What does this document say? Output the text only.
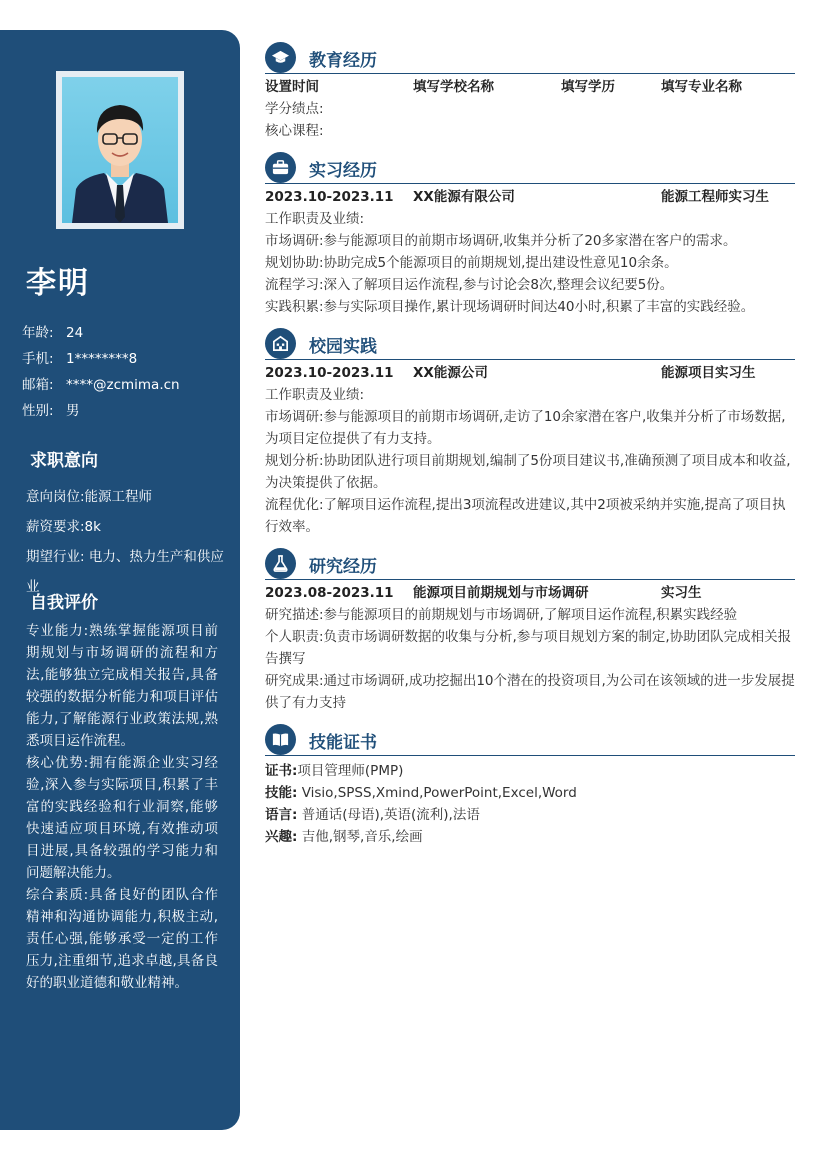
李明
年龄: 24
手机: 1********8
邮箱: ****@zcmima.cn
性别: 男
求职意向
意向岗位:能源工程师
薪资要求:8k
期望行业: 电力、热力生产和供应业
自我评价
专业能力:熟练掌握能源项目前期规划与市场调研的流程和方法,能够独立完成相关报告,具备较强的数据分析能力和项目评估能力,了解能源行业政策法规,熟悉项目运作流程。
核心优势:拥有能源企业实习经验,深入参与实际项目,积累了丰富的实践经验和行业洞察,能够快速适应项目环境,有效推动项目进展,具备较强的学习能力和问题解决能力。
综合素质:具备良好的团队合作精神和沟通协调能力,积极主动,责任心强,能够承受一定的工作压力,注重细节,追求卓越,具备良好的职业道德和敬业精神。
教育经历
设置时间	填写学校名称	填写学历	填写专业名称
学分绩点:
核心课程:
实习经历
2023.10-2023.11	XX能源有限公司	能源工程师实习生
工作职责及业绩:
市场调研:参与能源项目的前期市场调研,收集并分析了20多家潜在客户的需求。
规划协助:协助完成5个能源项目的前期规划,提出建设性意见10余条。
流程学习:深入了解项目运作流程,参与讨论会8次,整理会议纪要5份。
实践积累:参与实际项目操作,累计现场调研时间达40小时,积累了丰富的实践经验。
校园实践
2023.10-2023.11	XX能源公司	能源项目实习生
工作职责及业绩:
市场调研:参与能源项目的前期市场调研,走访了10余家潜在客户,收集并分析了市场数据,为项目定位提供了有力支持。
规划分析:协助团队进行项目前期规划,编制了5份项目建议书,准确预测了项目成本和收益,为决策提供了依据。
流程优化:了解项目运作流程,提出3项流程改进建议,其中2项被采纳并实施,提高了项目执行效率。
研究经历
2023.08-2023.11	能源项目前期规划与市场调研	实习生
研究描述:参与能源项目的前期规划与市场调研,了解项目运作流程,积累实践经验
个人职责:负责市场调研数据的收集与分析,参与项目规划方案的制定,协助团队完成相关报告撰写
研究成果:通过市场调研,成功挖掘出10个潜在的投资项目,为公司在该领域的进一步发展提供了有力支持
技能证书
证书:项目管理师(PMP)
技能: Visio,SPSS,Xmind,PowerPoint,Excel,Word
语言: 普通话(母语),英语(流利),法语
兴趣: 吉他,钢琴,音乐,绘画
